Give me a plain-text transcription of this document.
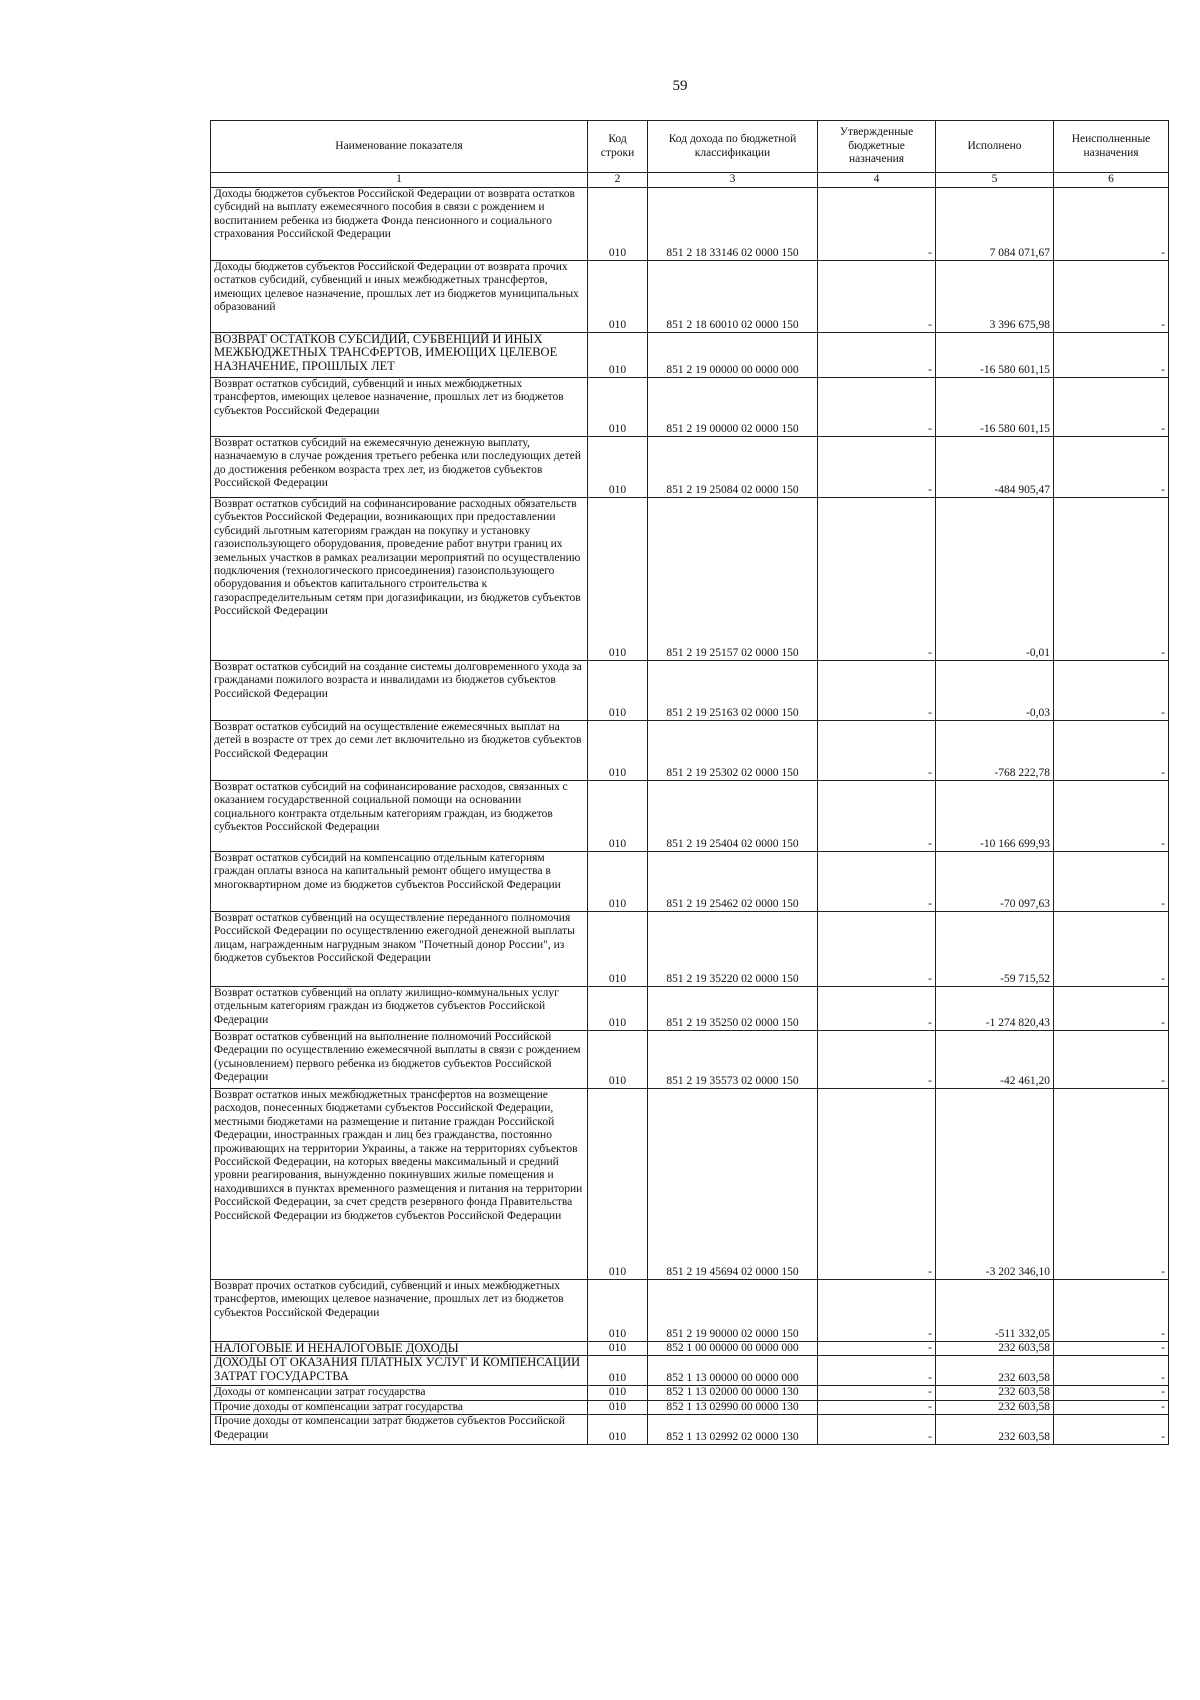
59
Наименование показателя	Код строки	Код дохода по бюджетной классификации	Утвержденные бюджетные назначения	Исполнено	Неисполненные назначения
1	2	3	4	5	6
Доходы бюджетов субъектов Российской Федерации от возврата остатков субсидий на выплату ежемесячного пособия в связи с рождением и воспитанием ребенка из бюджета Фонда пенсионного и социального страхования Российской Федерации	010	851 2 18 33146 02 0000 150	-	7 084 071,67	-
Доходы бюджетов субъектов Российской Федерации от возврата прочих остатков субсидий, субвенций и иных межбюджетных трансфертов, имеющих целевое назначение, прошлых лет из бюджетов муниципальных образований	010	851 2 18 60010 02 0000 150	-	3 396 675,98	-
ВОЗВРАТ ОСТАТКОВ СУБСИДИЙ, СУБВЕНЦИЙ И ИНЫХ МЕЖБЮДЖЕТНЫХ ТРАНСФЕРТОВ, ИМЕЮЩИХ ЦЕЛЕВОЕ НАЗНАЧЕНИЕ, ПРОШЛЫХ ЛЕТ	010	851 2 19 00000 00 0000 000	-	-16 580 601,15	-
Возврат остатков субсидий, субвенций и иных межбюджетных трансфертов, имеющих целевое назначение, прошлых лет из бюджетов субъектов Российской Федерации	010	851 2 19 00000 02 0000 150	-	-16 580 601,15	-
Возврат остатков субсидий на ежемесячную денежную выплату, назначаемую в случае рождения третьего ребенка или последующих детей до достижения ребенком возраста трех лет, из бюджетов субъектов Российской Федерации	010	851 2 19 25084 02 0000 150	-	-484 905,47	-
Возврат остатков субсидий на софинансирование расходных обязательств субъектов Российской Федерации, возникающих при предоставлении субсидий льготным категориям граждан на покупку и установку газоиспользующего оборудования, проведение работ внутри границ их земельных участков в рамках реализации мероприятий по осуществлению подключения (технологического присоединения) газоиспользующего оборудования и объектов капитального строительства к газораспределительным сетям при догазификации, из бюджетов субъектов Российской Федерации	010	851 2 19 25157 02 0000 150	-	-0,01	-
Возврат остатков субсидий на создание системы долговременного ухода за гражданами пожилого возраста и инвалидами из бюджетов субъектов Российской Федерации	010	851 2 19 25163 02 0000 150	-	-0,03	-
Возврат остатков субсидий на осуществление ежемесячных выплат на детей в возрасте от трех до семи лет включительно из бюджетов субъектов Российской Федерации	010	851 2 19 25302 02 0000 150	-	-768 222,78	-
Возврат остатков субсидий на софинансирование расходов, связанных с оказанием государственной социальной помощи на основании социального контракта отдельным категориям граждан, из бюджетов субъектов Российской Федерации	010	851 2 19 25404 02 0000 150	-	-10 166 699,93	-
Возврат остатков субсидий на компенсацию отдельным категориям граждан оплаты взноса на капитальный ремонт общего имущества в многоквартирном доме из бюджетов субъектов Российской Федерации	010	851 2 19 25462 02 0000 150	-	-70 097,63	-
Возврат остатков субвенций на осуществление переданного полномочия Российской Федерации по осуществлению ежегодной денежной выплаты лицам, награжденным нагрудным знаком "Почетный донор России", из бюджетов субъектов Российской Федерации	010	851 2 19 35220 02 0000 150	-	-59 715,52	-
Возврат остатков субвенций на оплату жилищно-коммунальных услуг отдельным категориям граждан из бюджетов субъектов Российской Федерации	010	851 2 19 35250 02 0000 150	-	-1 274 820,43	-
Возврат остатков субвенций на выполнение полномочий Российской Федерации по осуществлению ежемесячной выплаты в связи с рождением (усыновлением) первого ребенка из бюджетов субъектов Российской Федерации	010	851 2 19 35573 02 0000 150	-	-42 461,20	-
Возврат остатков иных межбюджетных трансфертов на возмещение расходов, понесенных бюджетами субъектов Российской Федерации, местными бюджетами на размещение и питание граждан Российской Федерации, иностранных граждан и лиц без гражданства, постоянно проживающих на территории Украины, а также на территориях субъектов Российской Федерации, на которых введены максимальный и средний уровни реагирования, вынужденно покинувших жилые помещения и находившихся в пунктах временного размещения и питания на территории Российской Федерации, за счет средств резервного фонда Правительства Российской Федерации из бюджетов субъектов Российской Федерации	010	851 2 19 45694 02 0000 150	-	-3 202 346,10	-
Возврат прочих остатков субсидий, субвенций и иных межбюджетных трансфертов, имеющих целевое назначение, прошлых лет из бюджетов субъектов Российской Федерации	010	851 2 19 90000 02 0000 150	-	-511 332,05	-
НАЛОГОВЫЕ И НЕНАЛОГОВЫЕ ДОХОДЫ	010	852 1 00 00000 00 0000 000	-	232 603,58	-
ДОХОДЫ ОТ ОКАЗАНИЯ ПЛАТНЫХ УСЛУГ И КОМПЕНСАЦИИ ЗАТРАТ ГОСУДАРСТВА	010	852 1 13 00000 00 0000 000	-	232 603,58	-
Доходы от компенсации затрат государства	010	852 1 13 02000 00 0000 130	-	232 603,58	-
Прочие доходы от компенсации затрат государства	010	852 1 13 02990 00 0000 130	-	232 603,58	-
Прочие доходы от компенсации затрат бюджетов субъектов Российской Федерации	010	852 1 13 02992 02 0000 130	-	232 603,58	-
